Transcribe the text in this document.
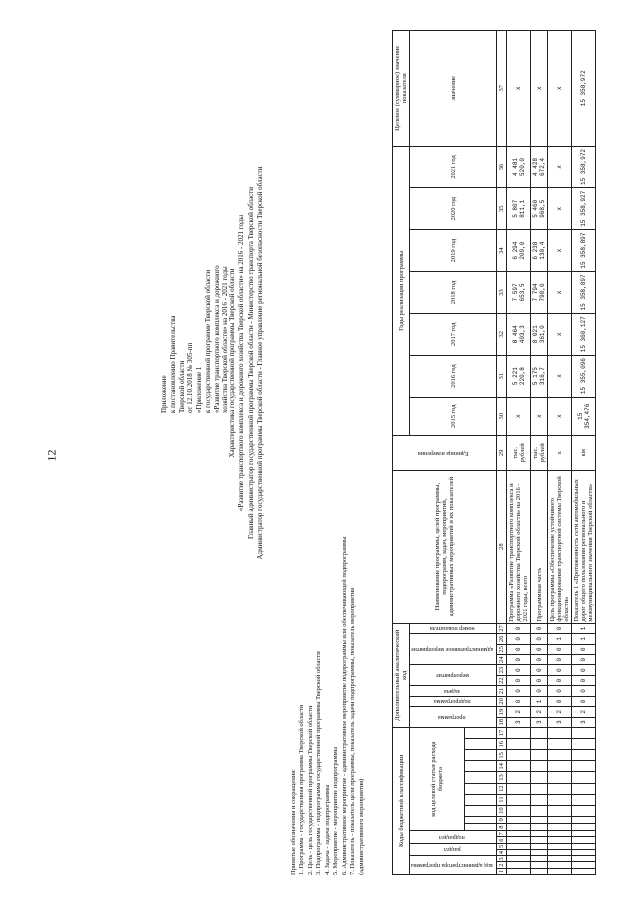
12
Приложение к постановлению Правительства Тверской области от 12.10.2018 № 305-пп «Приложение 1 к государственной программе Тверской области «Развитие транспортного комплекса и дорожного хозяйства Тверской области» на 2016 - 2021 годы
Характеристика государственной программы Тверской области «Развитие транспортного комплекса и дорожного хозяйства Тверской области» на 2016 - 2021 годы Главный администратор государственной программы Тверской области - Министерство транспорта Тверской области Администратор государственной программы Тверской области - Главное управление региональной безопасности Тверской области
Принятые обозначения и сокращения: 1. Программа - государственная программа Тверской области 2. Цель - цель государственной программы Тверской области 3. Подпрограмма - подпрограмма государственной программы Тверской области 4. Задача - задача подпрограммы 5. Мероприятие - мероприятие подпрограммы 6. Административное мероприятие - административное мероприятие подпрограммы или обеспечивающей подпрограммы 7. Показатель - показатель цели программы, показатель задачи подпрограммы, показатель мероприятия (административного мероприятия)	Коды бюджетной классификации																	Дополнительный аналитический код										Наименование программы, целей программы, подпрограмм, задач, мероприятий, административных мероприятий и их показателей	Единица измерения	Годы реализации программы							Целевое (суммарное) значение показателя
код администратора программы			раздел		подраздел		код целевой статьи расхода бюджета										программа		подпрограмма	задача	мероприятие		административное мероприятие			номер показателя			2015 год	2016 год	2017 год	2018 год	2019 год	2020 год	2021 год	значение

1	2	3	4	5	6	7	8	9	10	11	12	13	14	15	16	17	18	19	20	21	22	23	24	25	26	27	28	29	30	31	32	33	34	35	36	37
																	3	2	0	0	0	0	0	0	0	0	Программа «Развитие транспортного комплекса и дорожного хозяйства Тверской области» на 2016 - 2021 годы, всего	тыс. рублей	х	5 221 220,8	8 464 403,3	7 597 653,5	6 294 209,0	5 807 811,1	4 481 520,0	х
																	3	2	1	0	0	0	0	0	0	0	Программная часть	тыс. рублей	х	5 175 316,7	8 021 361,0	7 794 790,0	6 238 130,4	5 460 968,5	4 428 672,4	х
																	3	2	0	0	0	0	0	0	1	0	Цель программы «Обеспечение устойчивого функционирования транспортной системы Тверской области»	х	х	х	х	х	х	х	х	х
																	3	2	0	0	0	0	0	0	1	1	Показатель 1 «Протяженность сети автомобильных дорог общего пользования регионального и межмуниципального значения Тверской области»	км	15 354,476	15 355,096	15 360,127	15 358,897	15 358,897	15 358,927	15 358,972	15 358,972
